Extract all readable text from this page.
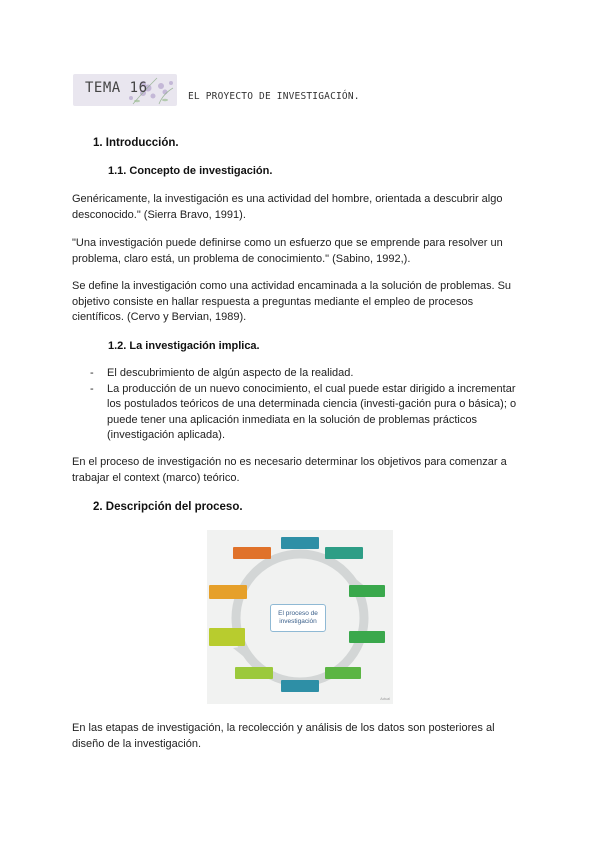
TEMA 16
EL PROYECTO DE INVESTIGACIÓN.
1. Introducción.
1.1. Concepto de investigación.

Genéricamente, la investigación es una actividad del hombre, orientada a descubrir algo desconocido." (Sierra Bravo, 1991).

"Una investigación puede definirse como un esfuerzo que se emprende para resolver un problema, claro está, un problema de conocimiento." (Sabino, 1992,).

Se define la investigación como una actividad encaminada a la solución de problemas. Su objetivo consiste en hallar respuesta a preguntas mediante el empleo de procesos científicos. (Cervo y Bervian, 1989).

1.2. La investigación implica.
- El descubrimiento de algún aspecto de la realidad.
- La producción de un nuevo conocimiento, el cual puede estar dirigido a incrementar los postulados teóricos de una determinada ciencia (investi-gación pura o básica); o puede tener una aplicación inmediata en la solución de problemas prácticos (investigación aplicada).

En el proceso de investigación no es necesario determinar los objetivos para comenzar a trabajar el context (marco) teórico.

2. Descripción del proceso.
El proceso de
investigación
Actual

En las etapas de investigación, la recolección y análisis de los datos son posteriores al diseño de la investigación.
